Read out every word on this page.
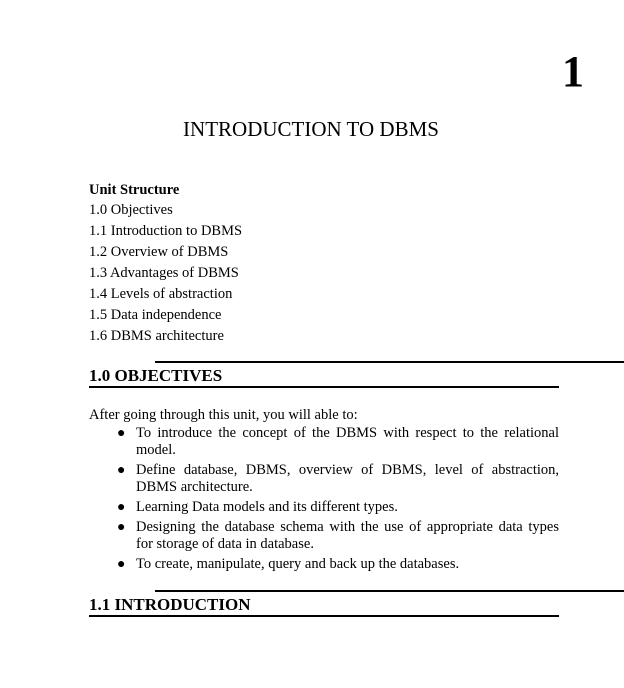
1
INTRODUCTION TO DBMS
Unit Structure
1.0 Objectives
1.1 Introduction to DBMS
1.2 Overview of DBMS
1.3 Advantages of DBMS
1.4 Levels of abstraction
1.5 Data independence
1.6 DBMS architecture
1.0 OBJECTIVES
After going through this unit, you will able to:
● To introduce the concept of the DBMS with respect to the relational model.
● Define database, DBMS, overview of DBMS, level of abstraction, DBMS architecture.
● Learning Data models and its different types.
● Designing the database schema with the use of appropriate data types for storage of data in database.
● To create, manipulate, query and back up the databases.
1.1 INTRODUCTION
